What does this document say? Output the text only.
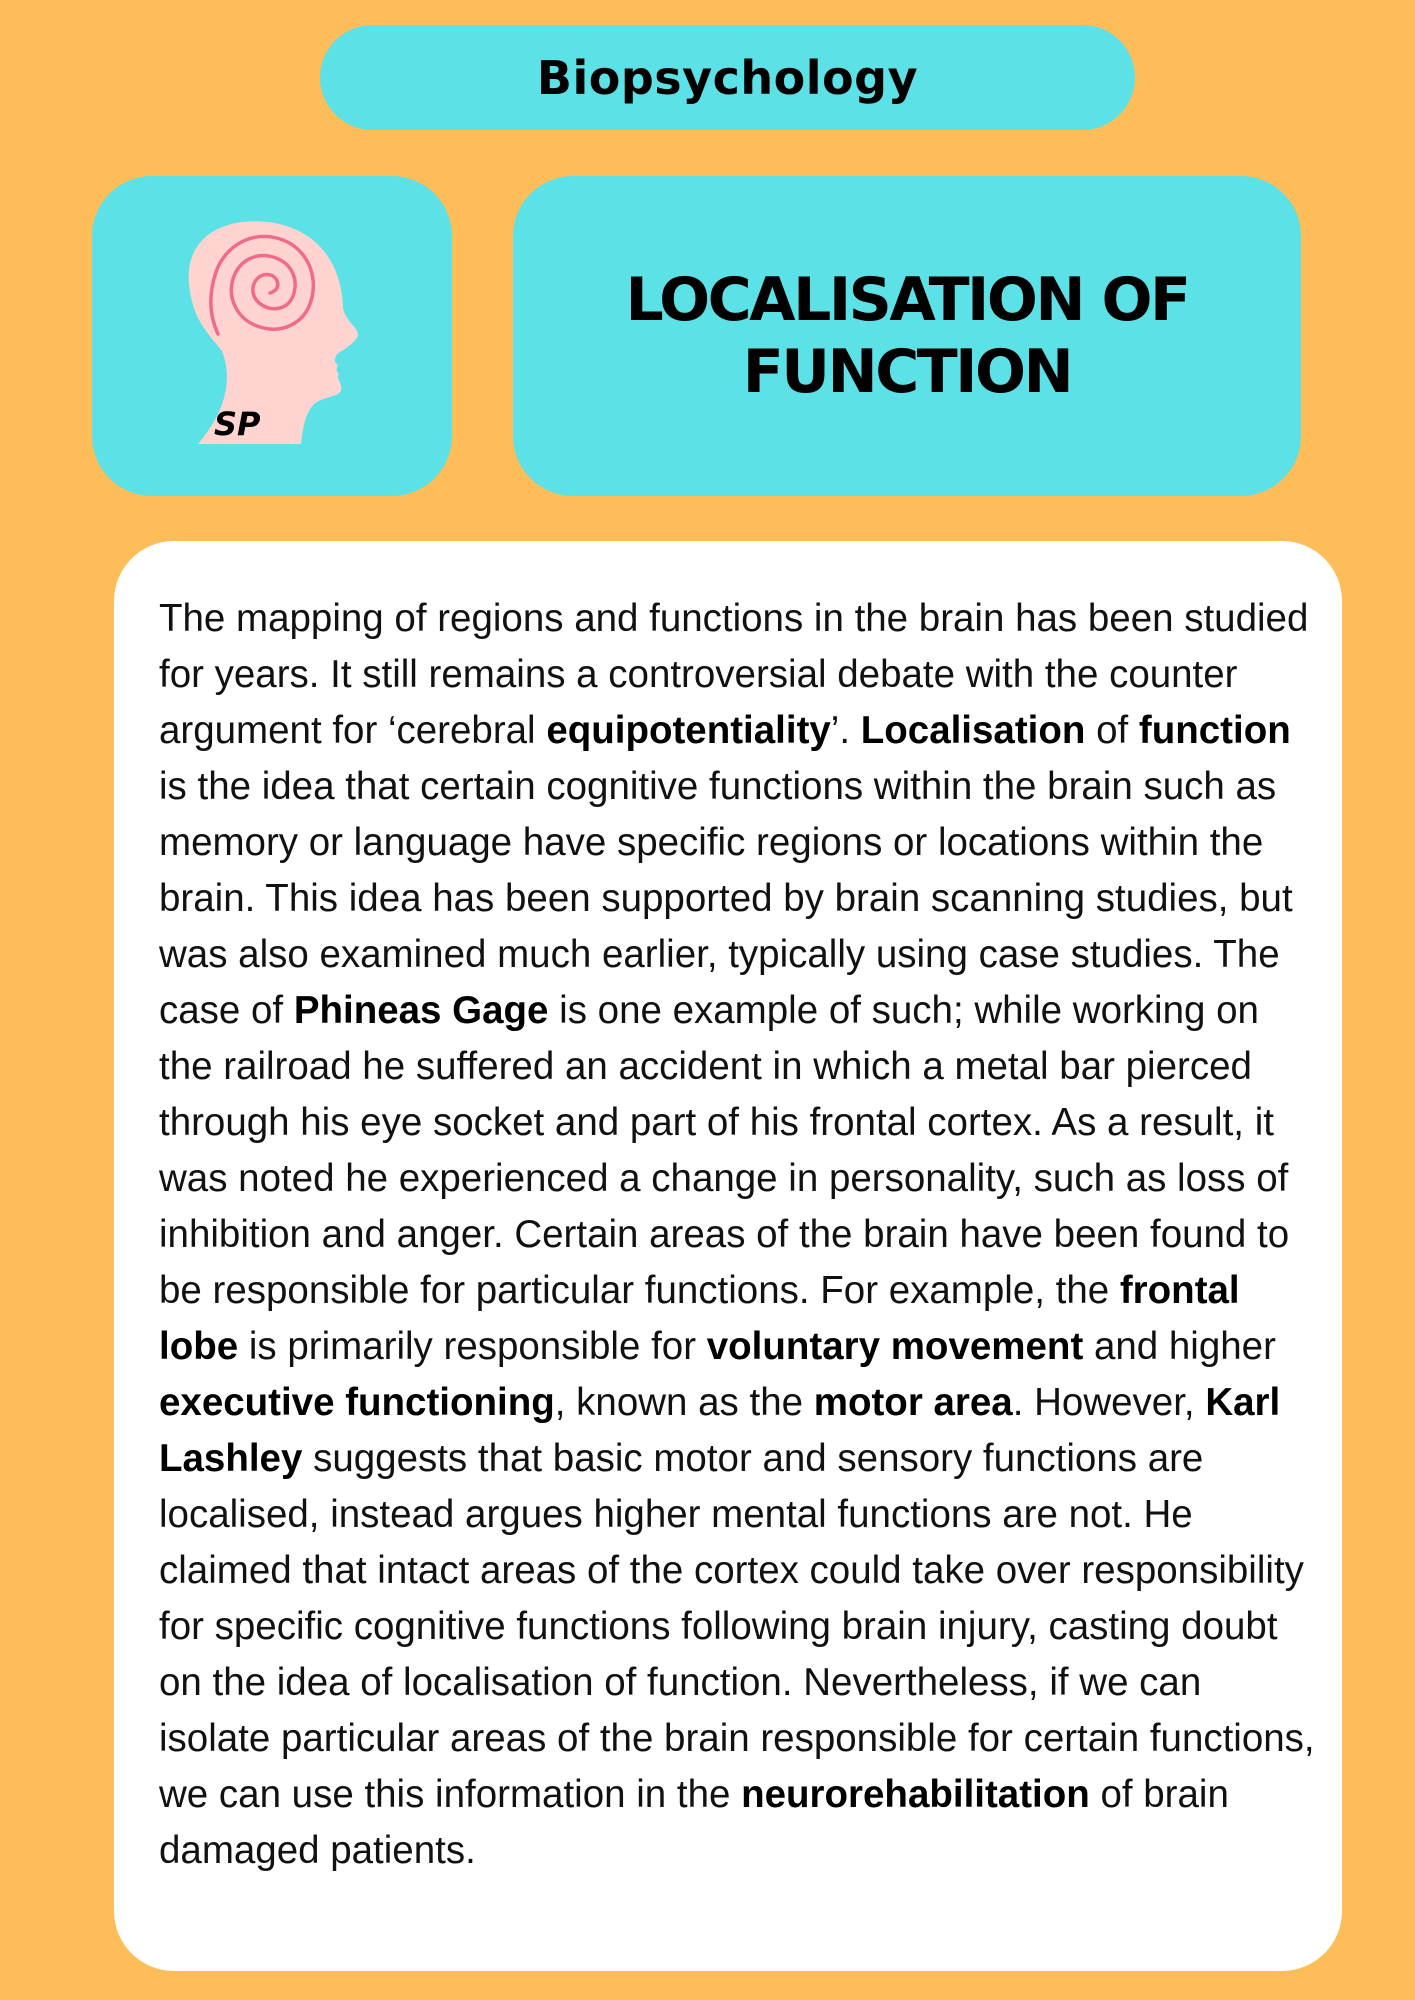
Biopsychology
SP
LOCALISATION OF
FUNCTION

The mapping of regions and functions in the brain has been studied for years. It still remains a controversial debate with the counter argument for ‘cerebral equipotentiality’. Localisation of function is the idea that certain cognitive functions within the brain such as memory or language have specific regions or locations within the brain. This idea has been supported by brain scanning studies, but was also examined much earlier, typically using case studies. The case of Phineas Gage is one example of such; while working on the railroad he suffered an accident in which a metal bar pierced through his eye socket and part of his frontal cortex. As a result, it was noted he experienced a change in personality, such as loss of inhibition and anger. Certain areas of the brain have been found to be responsible for particular functions. For example, the frontal lobe is primarily responsible for voluntary movement and higher executive functioning, known as the motor area. However, Karl Lashley suggests that basic motor and sensory functions are localised, instead argues higher mental functions are not. He claimed that intact areas of the cortex could take over responsibility for specific cognitive functions following brain injury, casting doubt on the idea of localisation of function. Nevertheless, if we can isolate particular areas of the brain responsible for certain functions, we can use this information in the neurorehabilitation of brain damaged patients.
